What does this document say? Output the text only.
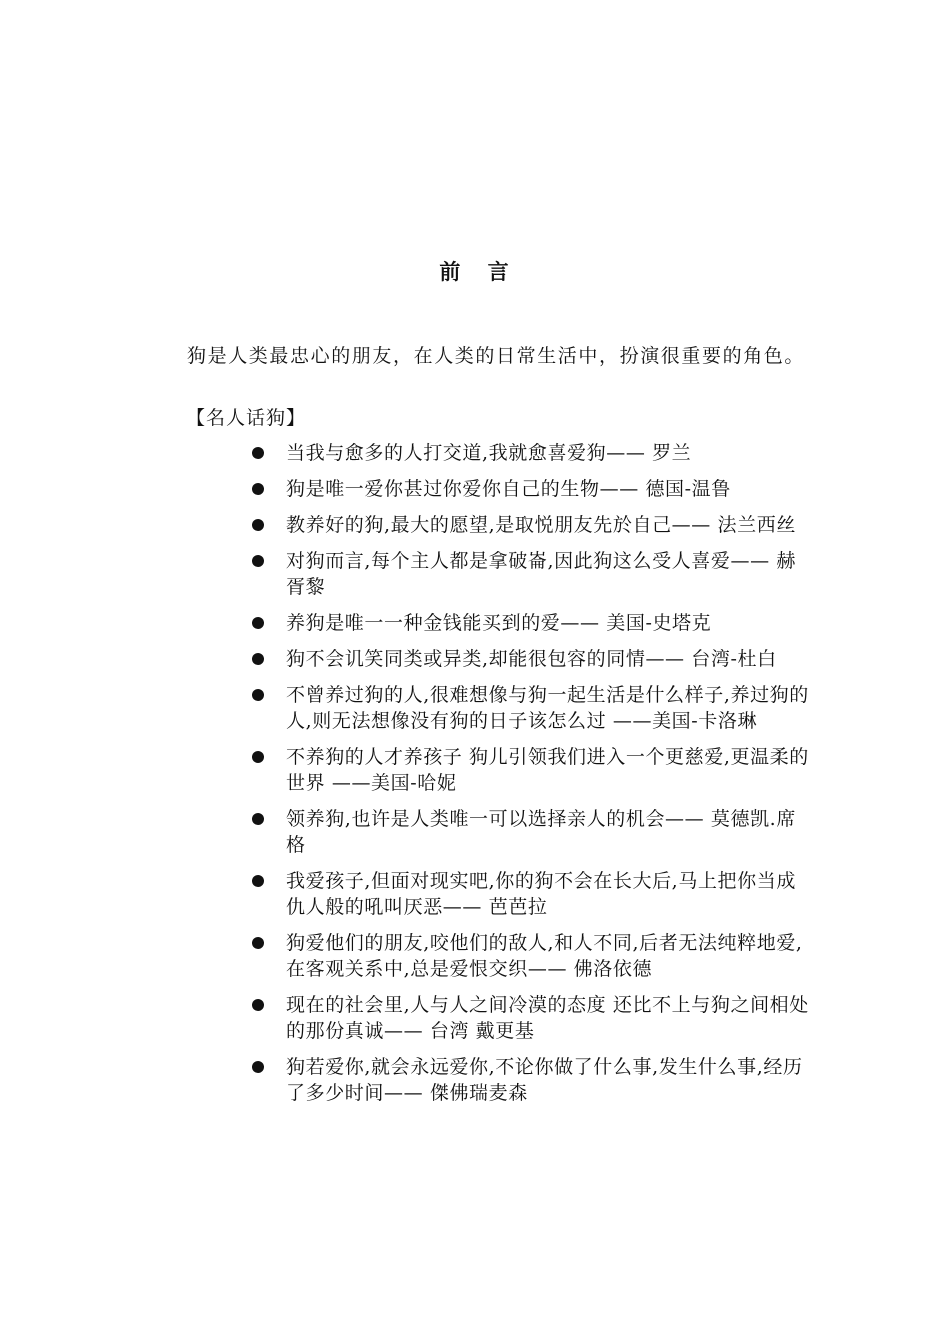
前 言

狗是人类最忠心的朋友，在人类的日常生活中，扮演很重要的角色。

【名人话狗】
当我与愈多的人打交道,我就愈喜爱狗—— 罗兰
狗是唯一爱你甚过你爱你自己的生物—— 德国-温鲁
教养好的狗,最大的愿望,是取悦朋友先於自己—— 法兰西丝
对狗而言,每个主人都是拿破崙,因此狗这么受人喜爱—— 赫胥黎
养狗是唯一一种金钱能买到的爱—— 美国-史塔克
狗不会讥笑同类或异类,却能很包容的同情—— 台湾-杜白
不曾养过狗的人,很难想像与狗一起生活是什么样子,养过狗的人,则无法想像没有狗的日子该怎么过 ——美国-卡洛琳
不养狗的人才养孩子 狗儿引领我们进入一个更慈爱,更温柔的世界 ——美国-哈妮
领养狗,也许是人类唯一可以选择亲人的机会—— 莫德凯.席格
我爱孩子,但面对现实吧,你的狗不会在长大后,马上把你当成仇人般的吼叫厌恶—— 芭芭拉
狗爱他们的朋友,咬他们的敌人,和人不同,后者无法纯粹地爱,在客观关系中,总是爱恨交织—— 佛洛依德
现在的社会里,人与人之间冷漠的态度 还比不上与狗之间相处的那份真诚—— 台湾 戴更基
狗若爱你,就会永远爱你,不论你做了什么事,发生什么事,经历了多少时间—— 傑佛瑞麦森
